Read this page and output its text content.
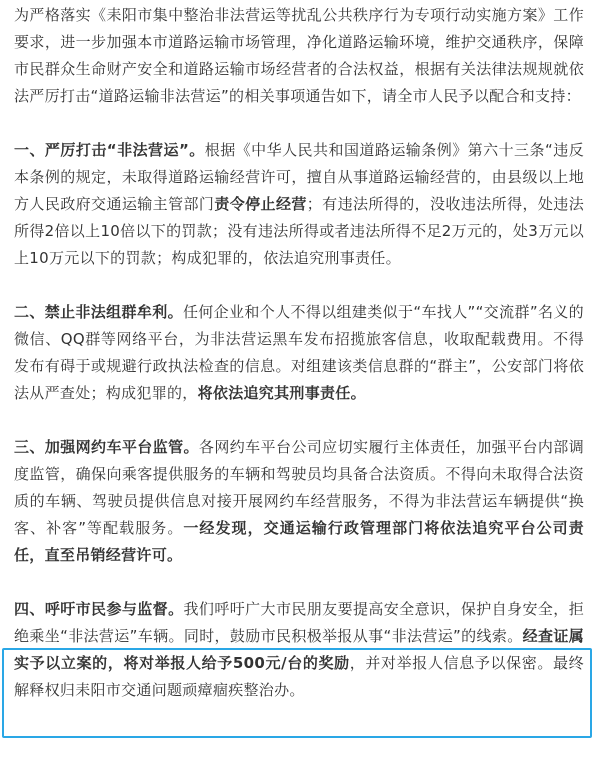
为严格落实《耒阳市集中整治非法营运等扰乱公共秩序行为专项行动实施方案》工作要求，进一步加强本市道路运输市场管理，净化道路运输环境，维护交通秩序，保障市民群众生命财产安全和道路运输市场经营者的合法权益，根据有关法律法规规就依法严厉打击“道路运输非法营运”的相关事项通告如下，请全市人民予以配合和支持：

一、严厉打击“非法营运”。根据《中华人民共和国道路运输条例》第六十三条“违反本条例的规定，未取得道路运输经营许可，擅自从事道路运输经营的，由县级以上地方人民政府交通运输主管部门责令停止经营；有违法所得的，没收违法所得，处违法所得2倍以上10倍以下的罚款；没有违法所得或者违法所得不足2万元的，处3万元以上10万元以下的罚款；构成犯罪的，依法追究刑事责任。

二、禁止非法组群牟利。任何企业和个人不得以组建类似于“车找人”“交流群”名义的微信、QQ群等网络平台，为非法营运黑车发布招揽旅客信息，收取配载费用。不得发布有碍于或规避行政执法检查的信息。对组建该类信息群的“群主”，公安部门将依法从严查处；构成犯罪的，将依法追究其刑事责任。

三、加强网约车平台监管。各网约车平台公司应切实履行主体责任，加强平台内部调度监管，确保向乘客提供服务的车辆和驾驶员均具备合法资质。不得向未取得合法资质的车辆、驾驶员提供信息对接开展网约车经营服务，不得为非法营运车辆提供“换客、补客”等配载服务。一经发现，交通运输行政管理部门将依法追究平台公司责任，直至吊销经营许可。

四、呼吁市民参与监督。我们呼吁广大市民朋友要提高安全意识，保护自身安全，拒绝乘坐“非法营运”车辆。同时，鼓励市民积极举报从事“非法营运”的线索。经查证属实予以立案的，将对举报人给予500元/台的奖励，并对举报人信息予以保密。最终解释权归耒阳市交通问题顽瘴痼疾整治办。
